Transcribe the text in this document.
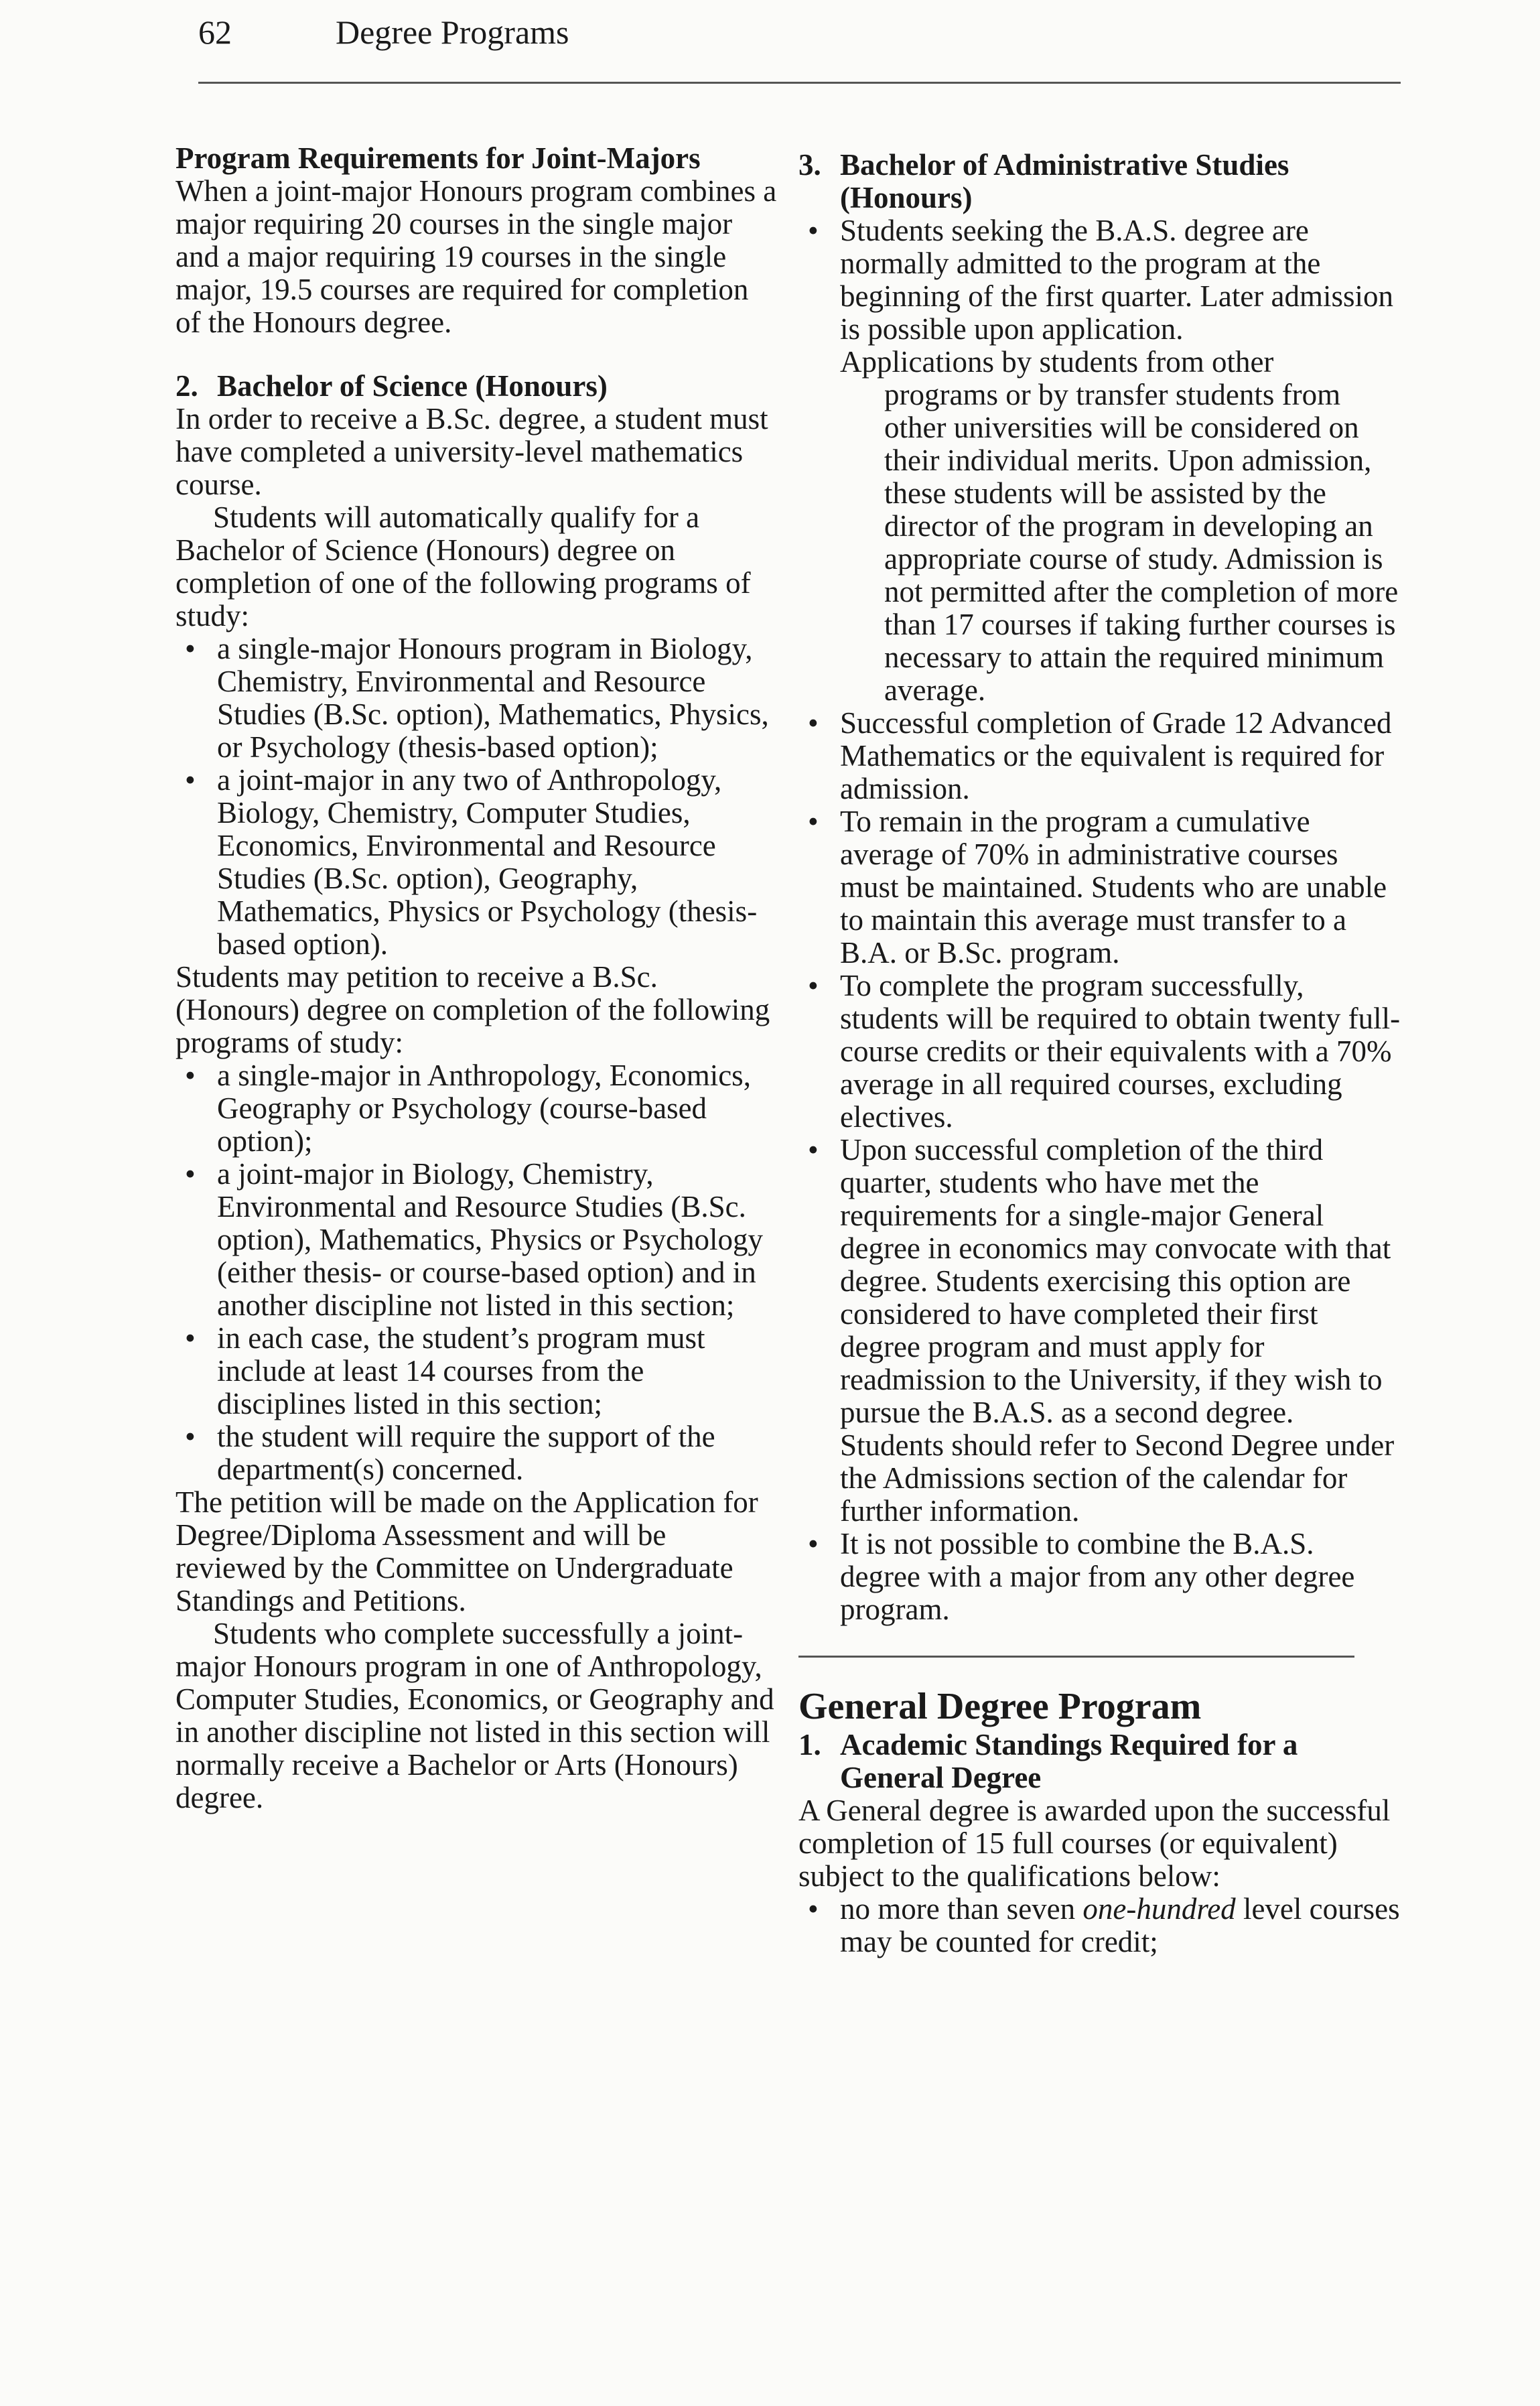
62	Degree Programs

Program Requirements for Joint-Majors

When a joint-major Honours program combines a major requiring 20 courses in the single major and a major requiring 19 courses in the single major, 19.5 courses are required for completion of the Honours degree.

2. Bachelor of Science (Honours)

In order to receive a B.Sc. degree, a student must have completed a university-level mathematics course.

Students will automatically qualify for a Bachelor of Science (Honours) degree on completion of one of the following programs of study:

• a single-major Honours program in Biology, Chemistry, Environmental and Resource Studies (B.Sc. option), Mathematics, Physics, or Psychology (thesis-based option);
• a joint-major in any two of Anthropology, Biology, Chemistry, Computer Studies, Economics, Environmental and Resource Studies (B.Sc. option), Geography, Mathematics, Physics or Psychology (thesis-based option).

Students may petition to receive a B.Sc. (Honours) degree on completion of the following programs of study:

• a single-major in Anthropology, Economics, Geography or Psychology (course-based option);
• a joint-major in Biology, Chemistry, Environmental and Resource Studies (B.Sc. option), Mathematics, Physics or Psychology (either thesis- or course-based option) and in another discipline not listed in this section;
• in each case, the student’s program must include at least 14 courses from the disciplines listed in this section;
• the student will require the support of the department(s) concerned.

The petition will be made on the Application for Degree/Diploma Assessment and will be reviewed by the Committee on Undergraduate Standings and Petitions.

Students who complete successfully a joint-major Honours program in one of Anthropology, Computer Studies, Economics, or Geography and in another discipline not listed in this section will normally receive a Bachelor or Arts (Honours) degree.

3. Bachelor of Administrative Studies (Honours)
• Students seeking the B.A.S. degree are normally admitted to the program at the beginning of the first quarter. Later admission is possible upon application.

Applications by students from other

programs or by transfer students from other universities will be considered on their individual merits. Upon admission, these students will be assisted by the director of the program in developing an appropriate course of study. Admission is not permitted after the completion of more than 17 courses if taking further courses is necessary to attain the required minimum average.

• Successful completion of Grade 12 Advanced Mathematics or the equivalent is required for admission.
• To remain in the program a cumulative average of 70% in administrative courses must be maintained. Students who are unable to maintain this average must transfer to a B.A. or B.Sc. program.
• To complete the program successfully, students will be required to obtain twenty full-course credits or their equivalents with a 70% average in all required courses, excluding electives.
• Upon successful completion of the third quarter, students who have met the requirements for a single-major General degree in economics may convocate with that degree. Students exercising this option are considered to have completed their first degree program and must apply for readmission to the University, if they wish to pursue the B.A.S. as a second degree. Students should refer to Second Degree under the Admissions section of the calendar for further information.
• It is not possible to combine the B.A.S. degree with a major from any other degree program.

General Degree Program

1. Academic Standings Required for a General Degree

A General degree is awarded upon the successful completion of 15 full courses (or equivalent) subject to the qualifications below:

• no more than seven one-hundred level courses may be counted for credit;
